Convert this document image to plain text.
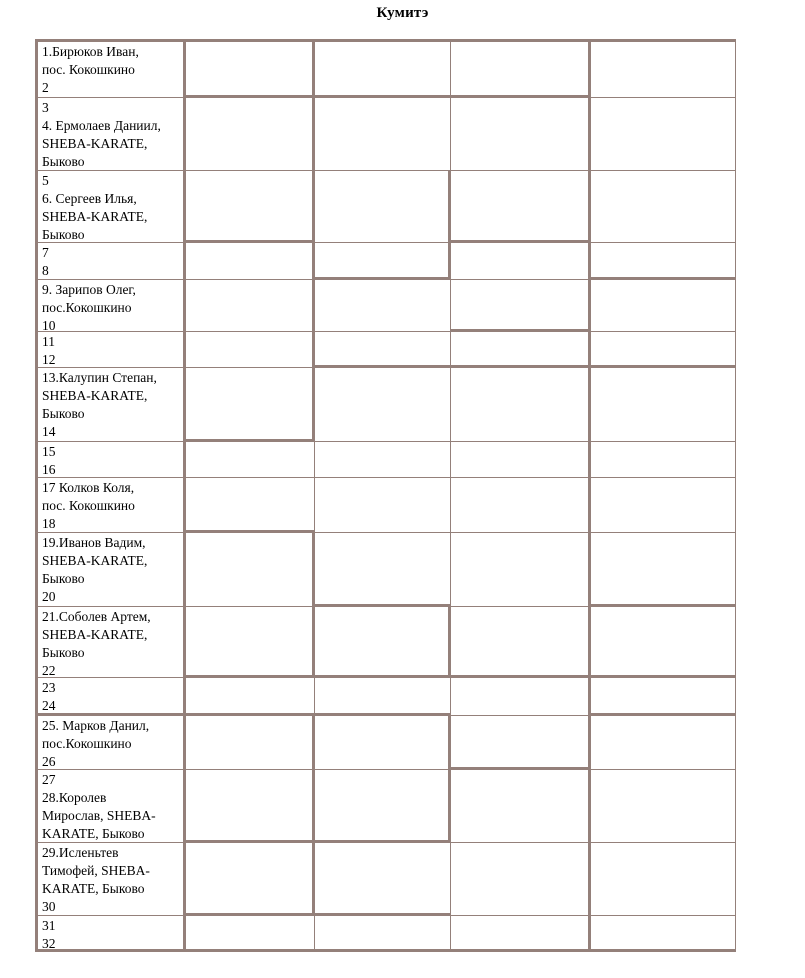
Кумитэ
1.Бирюков Иван,
пос. Кокошкино
2
3
4. Ермолаев Даниил,
SHEBA-KARATE,
Быково
5
6. Сергеев Илья,
SHEBA-KARATE,
Быково
7
8
9. Зарипов Олег,
пос.Кокошкино
10
11
12
13.Калупин Степан,
SHEBA-KARATE,
Быково
14
15
16
17 Колков Коля,
пос. Кокошкино
18
19.Иванов Вадим,
SHEBA-KARATE,
Быково
20
21.Соболев Артем,
SHEBA-KARATE,
Быково
22
23
24
25. Марков Данил,
пос.Кокошкино
26
27
28.Королев
Мирослав, SHEBA-
KARATE, Быково
29.Исленьтев
Тимофей, SHEBA-
KARATE, Быково
30
31
32
